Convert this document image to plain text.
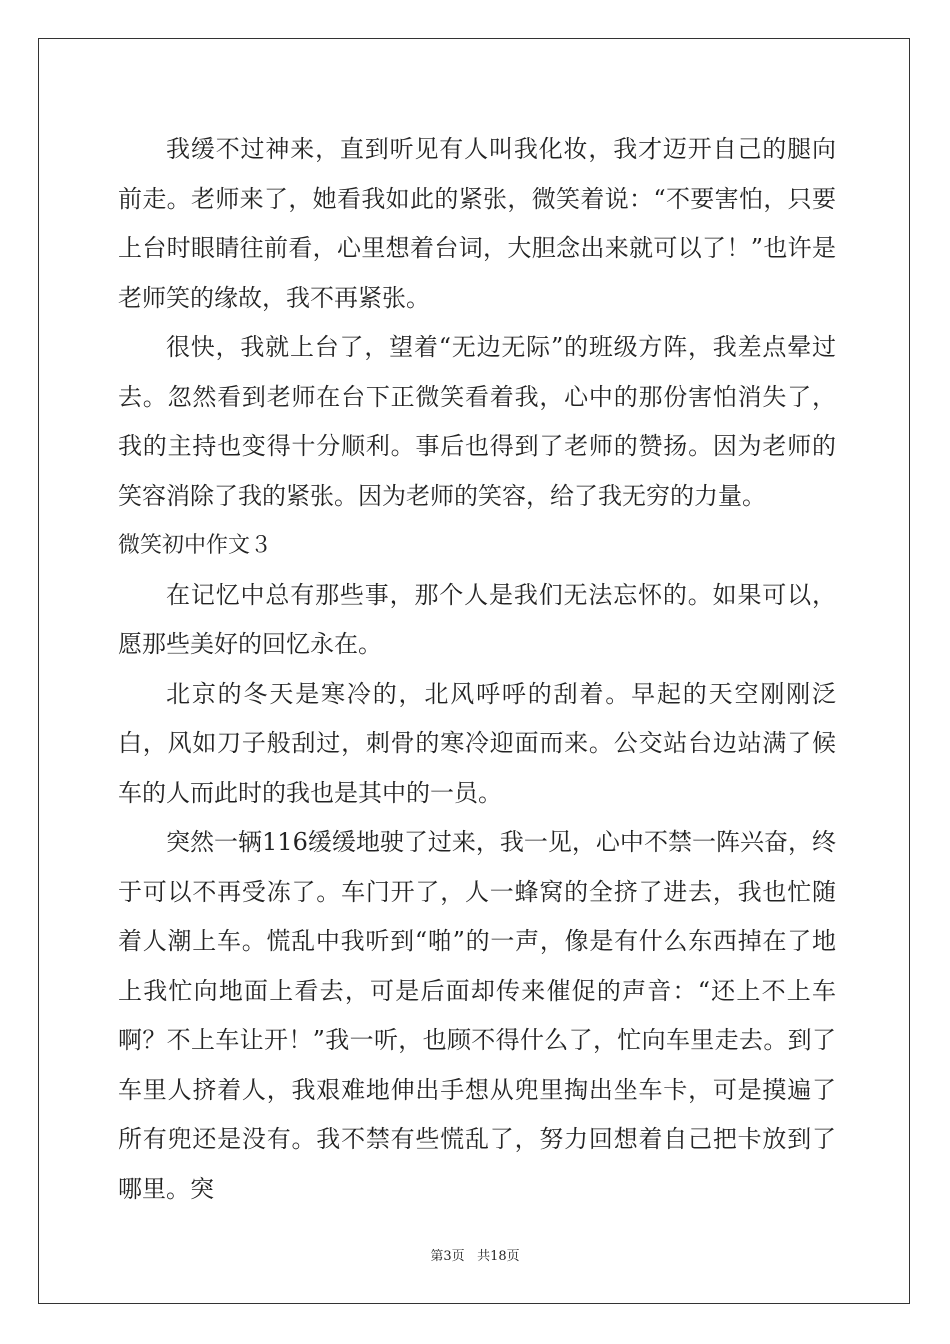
我缓不过神来，直到听见有人叫我化妆，我才迈开自己的腿向前走。老师来了，她看我如此的紧张，微笑着说：“不要害怕，只要上台时眼睛往前看，心里想着台词，大胆念出来就可以了！”也许是老师笑的缘故，我不再紧张。

很快，我就上台了，望着“无边无际”的班级方阵，我差点晕过去。忽然看到老师在台下正微笑看着我，心中的那份害怕消失了，我的主持也变得十分顺利。事后也得到了老师的赞扬。因为老师的笑容消除了我的紧张。因为老师的笑容，给了我无穷的力量。

微笑初中作文３

在记忆中总有那些事，那个人是我们无法忘怀的。如果可以，愿那些美好的回忆永在。

北京的冬天是寒冷的，北风呼呼的刮着。早起的天空刚刚泛白，风如刀子般刮过，刺骨的寒冷迎面而来。公交站台边站满了候车的人而此时的我也是其中的一员。

突然一辆116缓缓地驶了过来，我一见，心中不禁一阵兴奋，终于可以不再受冻了。车门开了，人一蜂窝的全挤了进去，我也忙随着人潮上车。慌乱中我听到“啪”的一声，像是有什么东西掉在了地上我忙向地面上看去，可是后面却传来催促的声音：“还上不上车啊？不上车让开！”我一听，也顾不得什么了，忙向车里走去。到了车里人挤着人，我艰难地伸出手想从兜里掏出坐车卡，可是摸遍了所有兜还是没有。我不禁有些慌乱了，努力回想着自己把卡放到了哪里。突

第3页 共18页
